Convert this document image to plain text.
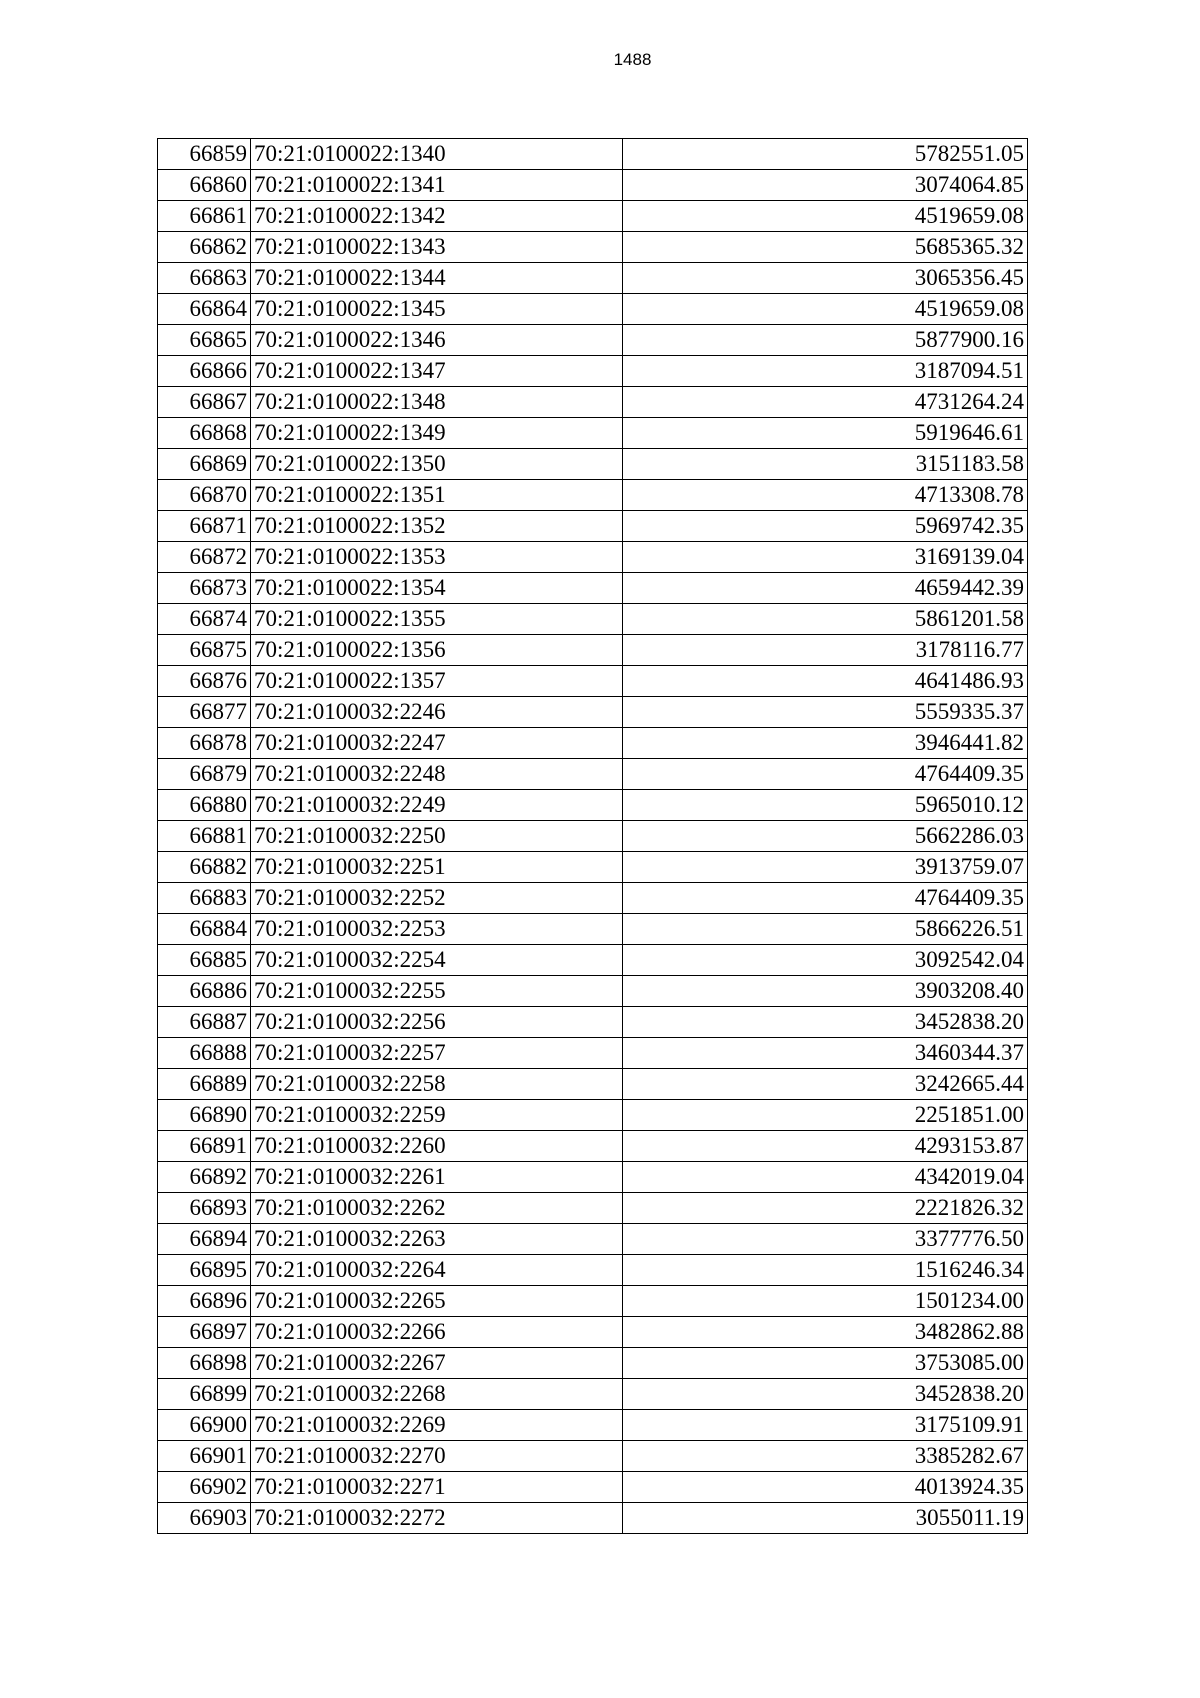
1488
66859	70:21:0100022:1340	5782551.05
66860	70:21:0100022:1341	3074064.85
66861	70:21:0100022:1342	4519659.08
66862	70:21:0100022:1343	5685365.32
66863	70:21:0100022:1344	3065356.45
66864	70:21:0100022:1345	4519659.08
66865	70:21:0100022:1346	5877900.16
66866	70:21:0100022:1347	3187094.51
66867	70:21:0100022:1348	4731264.24
66868	70:21:0100022:1349	5919646.61
66869	70:21:0100022:1350	3151183.58
66870	70:21:0100022:1351	4713308.78
66871	70:21:0100022:1352	5969742.35
66872	70:21:0100022:1353	3169139.04
66873	70:21:0100022:1354	4659442.39
66874	70:21:0100022:1355	5861201.58
66875	70:21:0100022:1356	3178116.77
66876	70:21:0100022:1357	4641486.93
66877	70:21:0100032:2246	5559335.37
66878	70:21:0100032:2247	3946441.82
66879	70:21:0100032:2248	4764409.35
66880	70:21:0100032:2249	5965010.12
66881	70:21:0100032:2250	5662286.03
66882	70:21:0100032:2251	3913759.07
66883	70:21:0100032:2252	4764409.35
66884	70:21:0100032:2253	5866226.51
66885	70:21:0100032:2254	3092542.04
66886	70:21:0100032:2255	3903208.40
66887	70:21:0100032:2256	3452838.20
66888	70:21:0100032:2257	3460344.37
66889	70:21:0100032:2258	3242665.44
66890	70:21:0100032:2259	2251851.00
66891	70:21:0100032:2260	4293153.87
66892	70:21:0100032:2261	4342019.04
66893	70:21:0100032:2262	2221826.32
66894	70:21:0100032:2263	3377776.50
66895	70:21:0100032:2264	1516246.34
66896	70:21:0100032:2265	1501234.00
66897	70:21:0100032:2266	3482862.88
66898	70:21:0100032:2267	3753085.00
66899	70:21:0100032:2268	3452838.20
66900	70:21:0100032:2269	3175109.91
66901	70:21:0100032:2270	3385282.67
66902	70:21:0100032:2271	4013924.35
66903	70:21:0100032:2272	3055011.19
